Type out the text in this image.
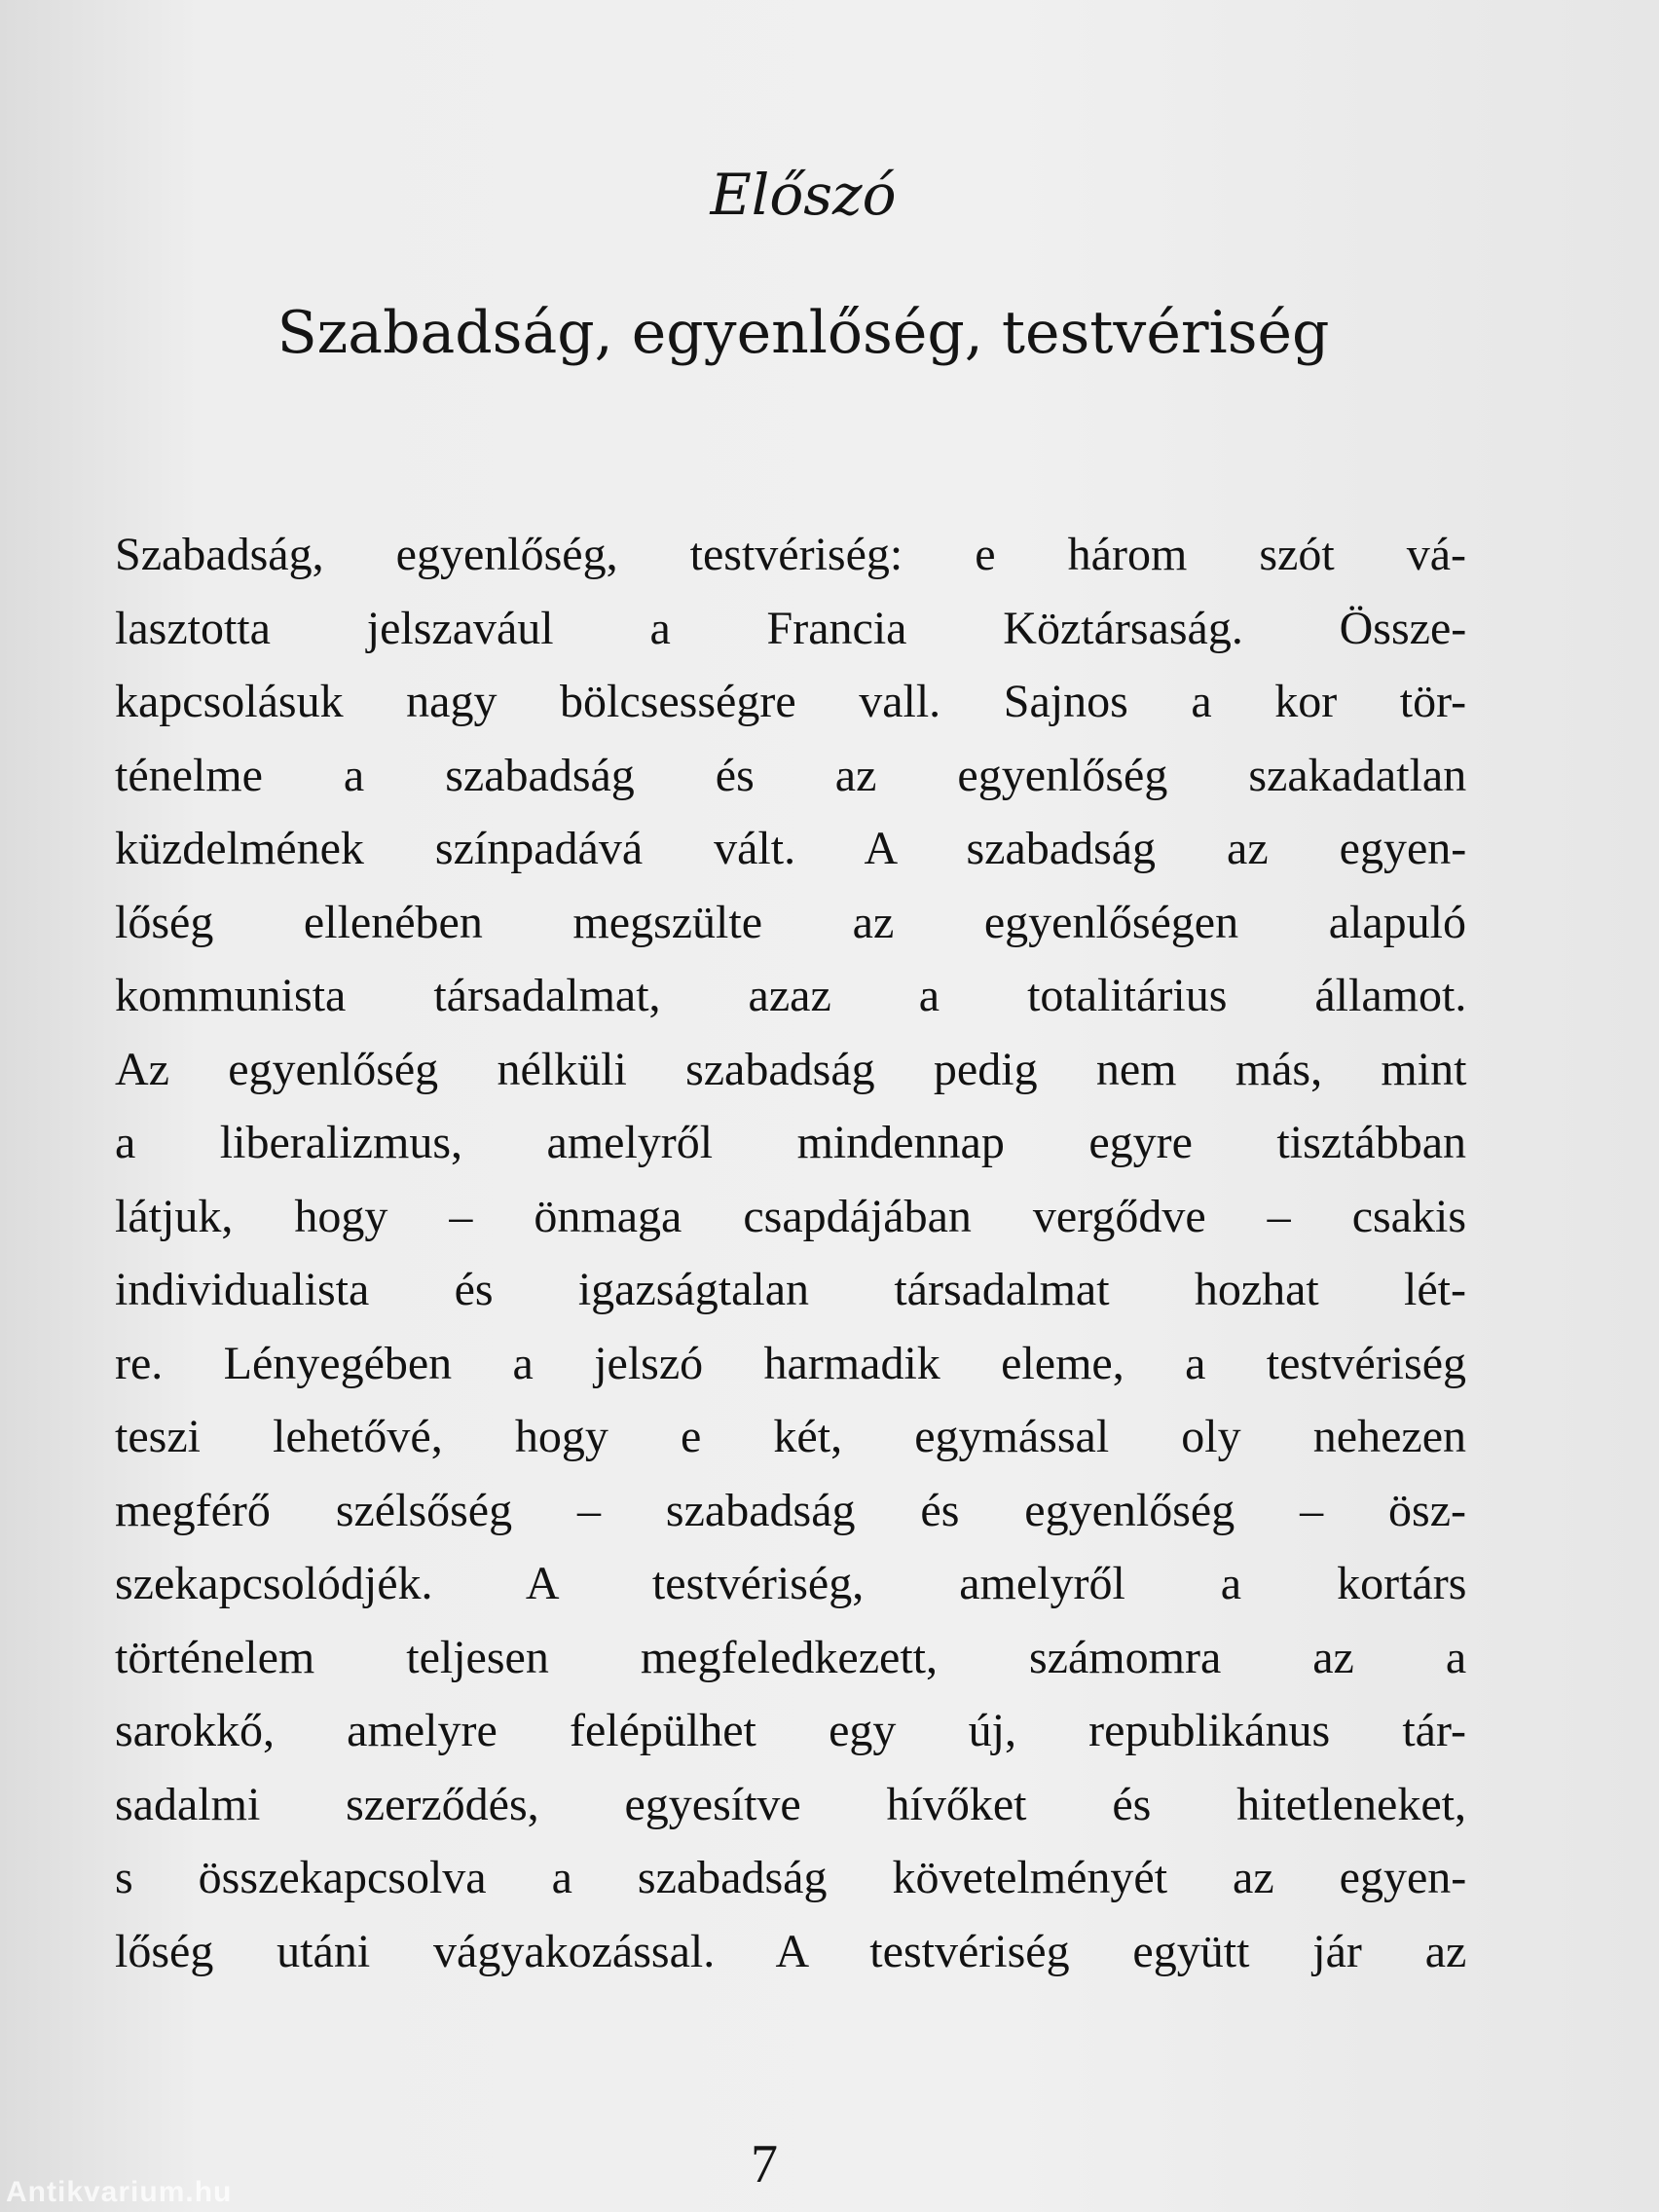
Előszó
Szabadság, egyenlőség, testvériség
Szabadság, egyenlőség, testvériség: e három szót vá-
lasztotta jelszavául a Francia Köztársaság. Össze-
kapcsolásuk nagy bölcsességre vall. Sajnos a kor tör-
ténelme a szabadság és az egyenlőség szakadatlan
küzdelmének színpadává vált. A szabadság az egyen-
lőség ellenében megszülte az egyenlőségen alapuló
kommunista társadalmat, azaz a totalitárius államot.
Az egyenlőség nélküli szabadság pedig nem más, mint
a liberalizmus, amelyről mindennap egyre tisztábban
látjuk, hogy – önmaga csapdájában vergődve – csakis
individualista és igazságtalan társadalmat hozhat lét-
re. Lényegében a jelszó harmadik eleme, a testvériség
teszi lehetővé, hogy e két, egymással oly nehezen
megférő szélsőség – szabadság és egyenlőség – ösz-
szekapcsolódjék. A testvériség, amelyről a kortárs
történelem teljesen megfeledkezett, számomra az a
sarokkő, amelyre felépülhet egy új, republikánus tár-
sadalmi szerződés, egyesítve hívőket és hitetleneket,
s összekapcsolva a szabadság követelményét az egyen-
lőség utáni vágyakozással. A testvériség együtt jár az
7
Antikvarium.hu
